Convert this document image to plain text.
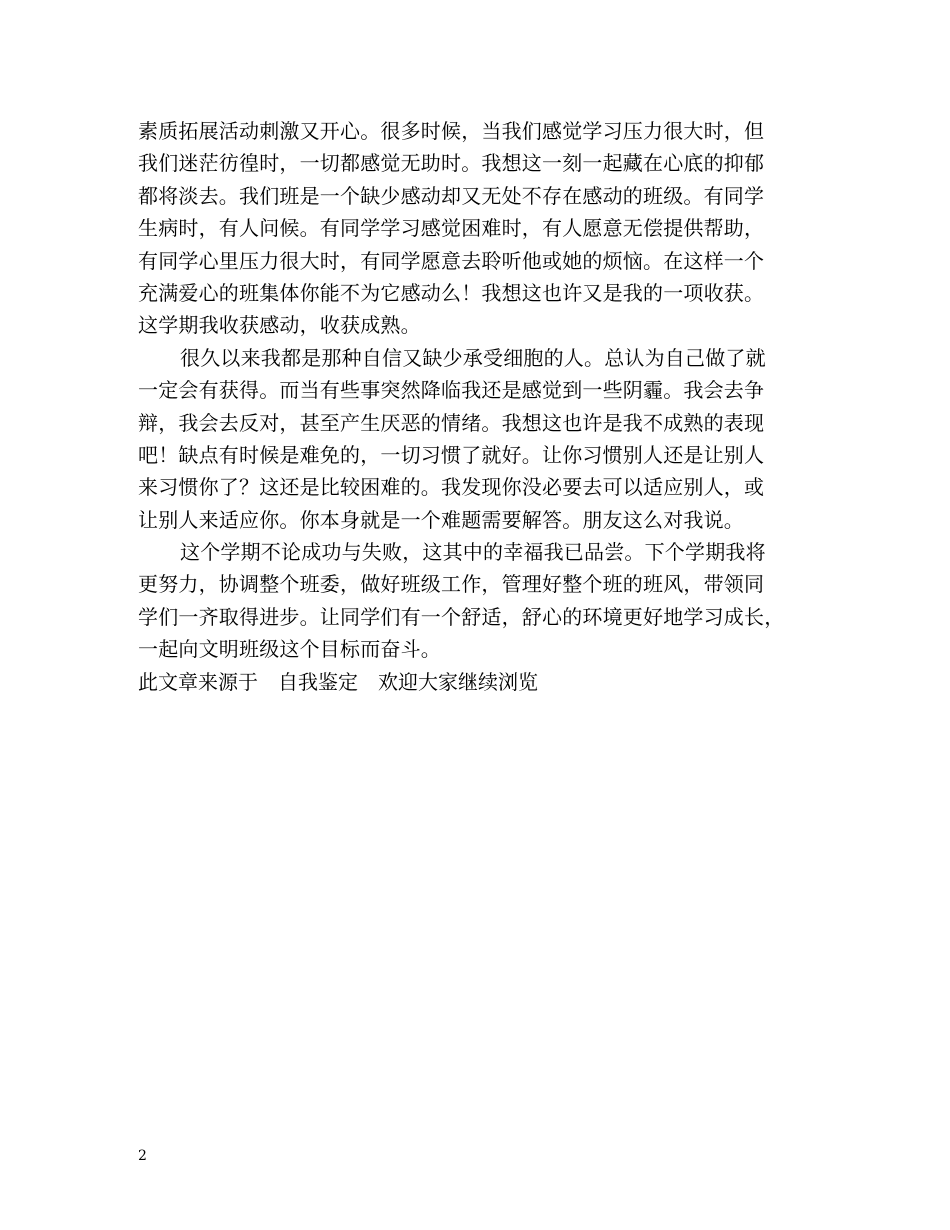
素质拓展活动刺激又开心。很多时候，当我们感觉学习压力很大时，但
我们迷茫彷徨时，一切都感觉无助时。我想这一刻一起藏在心底的抑郁
都将淡去。我们班是一个缺少感动却又无处不存在感动的班级。有同学
生病时，有人问候。有同学学习感觉困难时，有人愿意无偿提供帮助，
有同学心里压力很大时，有同学愿意去聆听他或她的烦恼。在这样一个
充满爱心的班集体你能不为它感动么！我想这也许又是我的一项收获。
这学期我收获感动，收获成熟。
很久以来我都是那种自信又缺少承受细胞的人。总认为自己做了就
一定会有获得。而当有些事突然降临我还是感觉到一些阴霾。我会去争
辩，我会去反对，甚至产生厌恶的情绪。我想这也许是我不成熟的表现
吧！缺点有时候是难免的，一切习惯了就好。让你习惯别人还是让别人
来习惯你了？这还是比较困难的。我发现你没必要去可以适应别人，或
让别人来适应你。你本身就是一个难题需要解答。朋友这么对我说。
这个学期不论成功与失败，这其中的幸福我已品尝。下个学期我将
更努力，协调整个班委，做好班级工作，管理好整个班的班风，带领同
学们一齐取得进步。让同学们有一个舒适，舒心的环境更好地学习成长，
一起向文明班级这个目标而奋斗。
此文章来源于　自我鉴定　欢迎大家继续浏览
2
